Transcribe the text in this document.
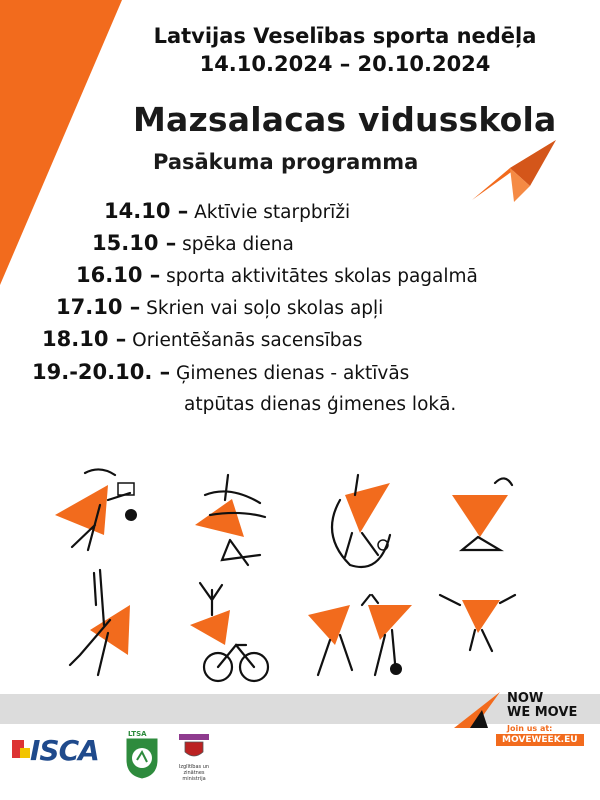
Latvijas Veselības sporta nedēļa
14.10.2024 – 20.10.2024
Mazsalacas vidusskola
Pasākuma programma
14.10 – Aktīvie starpbrīži
15.10 – spēka diena
16.10 – sporta aktivitātes skolas pagalmā
17.10 – Skrien vai soļo skolas apļi
18.10 – Orientēšanās sacensības
19.-20.10. – Ģimenes dienas - aktīvās
atpūtas dienas ģimenes lokā.
NOW
WE MOVE
Join us at:
MOVEWEEK.EU
ISCA	LTSA
Izglītības un zinātnes
ministrija
